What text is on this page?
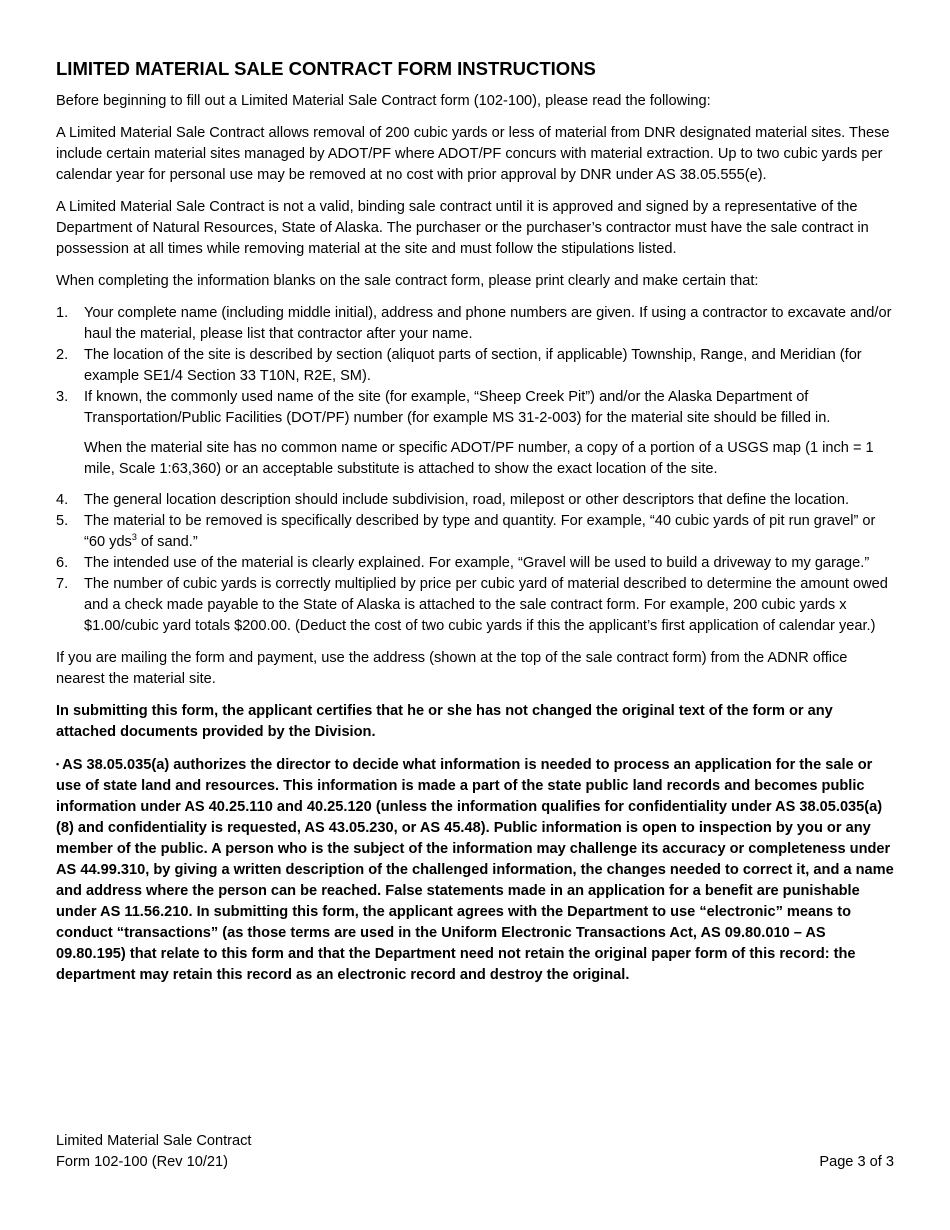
LIMITED MATERIAL SALE CONTRACT FORM INSTRUCTIONS

Before beginning to fill out a Limited Material Sale Contract form (102-100), please read the following:

A Limited Material Sale Contract allows removal of 200 cubic yards or less of material from DNR designated material sites. These include certain material sites managed by ADOT/PF where ADOT/PF concurs with material extraction. Up to two cubic yards per calendar year for personal use may be removed at no cost with prior approval by DNR under AS 38.05.555(e).

A Limited Material Sale Contract is not a valid, binding sale contract until it is approved and signed by a representative of the Department of Natural Resources, State of Alaska. The purchaser or the purchaser’s contractor must have the sale contract in possession at all times while removing material at the site and must follow the stipulations listed.

When completing the information blanks on the sale contract form, please print clearly and make certain that:

1. Your complete name (including middle initial), address and phone numbers are given. If using a contractor to excavate and/or haul the material, please list that contractor after your name.
2. The location of the site is described by section (aliquot parts of section, if applicable) Township, Range, and Meridian (for example SE1/4 Section 33 T10N, R2E, SM).
3. If known, the commonly used name of the site (for example, “Sheep Creek Pit”) and/or the Alaska Department of Transportation/Public Facilities (DOT/PF) number (for example MS 31-2-003) for the material site should be filled in.

When the material site has no common name or specific ADOT/PF number, a copy of a portion of a USGS map (1 inch = 1 mile, Scale 1:63,360) or an acceptable substitute is attached to show the exact location of the site.

4. The general location description should include subdivision, road, milepost or other descriptors that define the location.
5. The material to be removed is specifically described by type and quantity. For example, “40 cubic yards of pit run gravel” or “60 yds$^3$ of sand.”
6. The intended use of the material is clearly explained. For example, “Gravel will be used to build a driveway to my garage.”
7. The number of cubic yards is correctly multiplied by price per cubic yard of material described to determine the amount owed and a check made payable to the State of Alaska is attached to the sale contract form. For example, 200 cubic yards x $1.00/cubic yard totals $200.00. (Deduct the cost of two cubic yards if this the applicant’s first application of calendar year.)

If you are mailing the form and payment, use the address (shown at the top of the sale contract form) from the ADNR office nearest the material site.

In submitting this form, the applicant certifies that he or she has not changed the original text of the form or any attached documents provided by the Division.

• AS 38.05.035(a) authorizes the director to decide what information is needed to process an application for the sale or use of state land and resources. This information is made a part of the state public land records and becomes public information under AS 40.25.110 and 40.25.120 (unless the information qualifies for confidentiality under AS 38.05.035(a)(8) and confidentiality is requested, AS 43.05.230, or AS 45.48). Public information is open to inspection by you or any member of the public. A person who is the subject of the information may challenge its accuracy or completeness under AS 44.99.310, by giving a written description of the challenged information, the changes needed to correct it, and a name and address where the person can be reached. False statements made in an application for a benefit are punishable under AS 11.56.210. In submitting this form, the applicant agrees with the Department to use “electronic” means to conduct “transactions” (as those terms are used in the Uniform Electronic Transactions Act, AS 09.80.010 – AS 09.80.195) that relate to this form and that the Department need not retain the original paper form of this record: the department may retain this record as an electronic record and destroy the original.

Limited Material Sale Contract
Form 102-100 (Rev 10/21)	Page 3 of 3
